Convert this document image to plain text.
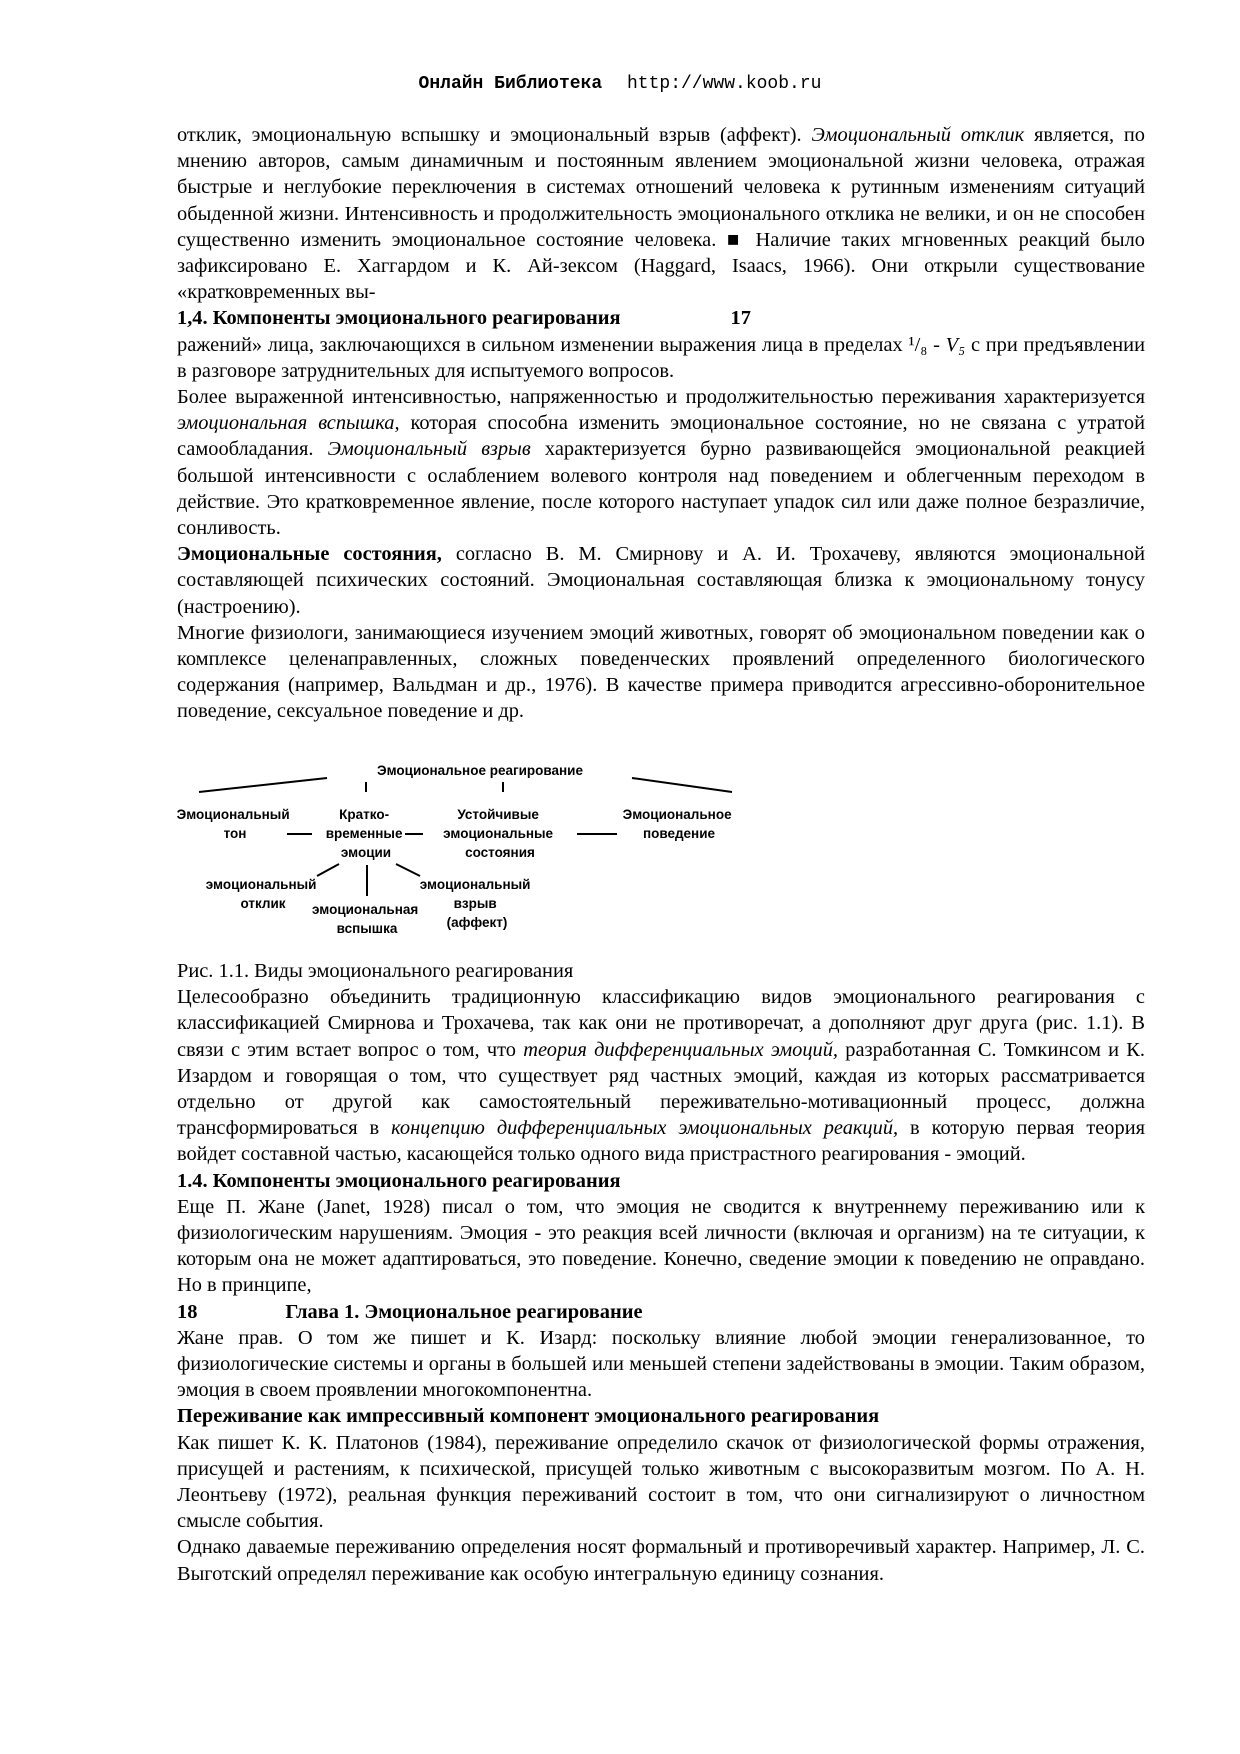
Онлайн Библиотека http://www.koob.ru

отклик, эмоциональную вспышку и эмоциональный взрыв (аффект). Эмоциональный отклик является, по мнению авторов, самым динамичным и постоянным явлением эмоциональной жизни человека, отражая быстрые и неглубокие переключения в системах отношений человека к рутинным изменениям ситуаций обыденной жизни. Интенсивность и продолжительность эмоционального отклика не велики, и он не способен существенно изменить эмоциональное состояние человека. ■ Наличие таких мгновенных реакций было зафиксировано Е. Хаггардом и К. Ай-зексом (Haggard, Isaacs, 1966). Они открыли существование «кратковременных вы-

1,4. Компоненты эмоционального реагирования	17

ражений» лица, заключающихся в сильном изменении выражения лица в пределах ¹/₈ - V₅ с при предъявлении в разговоре затруднительных для испытуемого вопросов.

Более выраженной интенсивностью, напряженностью и продолжительностью переживания характеризуется эмоциональная вспышка, которая способна изменить эмоциональное состояние, но не связана с утратой самообладания. Эмоциональный взрыв характеризуется бурно развивающейся эмоциональной реакцией большой интенсивности с ослаблением волевого контроля над поведением и облегченным переходом в действие. Это кратковременное явление, после которого наступает упадок сил или даже полное безразличие, сонливость.

Эмоциональные состояния, согласно В. М. Смирнову и А. И. Трохачеву, являются эмоциональной составляющей психических состояний. Эмоциональная составляющая близка к эмоциональному тонусу (настроению).

Многие физиологи, занимающиеся изучением эмоций животных, говорят об эмоциональном поведении как о комплексе целенаправленных, сложных поведенческих проявлений определенного биологического содержания (например, Вальдман и др., 1976). В качестве примера приводится агрессивно-оборонительное поведение, сексуальное поведение и др.

Эмоциональное реагирование
Эмоциональный тон
Кратко- временные эмоции
Устойчивые эмоциональные состояния
Эмоциональное поведение
эмоциональный отклик	эмоциональная вспышка
эмоциональный взрыв (аффект)

Рис. 1.1. Виды эмоционального реагирования

Целесообразно объединить традиционную классификацию видов эмоционального реагирования с классификацией Смирнова и Трохачева, так как они не противоречат, а дополняют друг друга (рис. 1.1). В связи с этим встает вопрос о том, что теория дифференциальных эмоций, разработанная С. Томкинсом и К. Изардом и говорящая о том, что существует ряд частных эмоций, каждая из которых рассматривается отдельно от другой как самостоятельный переживательно-мотивационный процесс, должна трансформироваться в концепцию дифференциальных эмоциональных реакций, в которую первая теория войдет составной частью, касающейся только одного вида пристрастного реагирования - эмоций.

1.4. Компоненты эмоционального реагирования

Еще П. Жане (Janet, 1928) писал о том, что эмоция не сводится к внутреннему переживанию или к физиологическим нарушениям. Эмоция - это реакция всей личности (включая и организм) на те ситуации, к которым она не может адаптироваться, это поведение. Конечно, сведение эмоции к поведению не оправдано. Но в принципе,

18	Глава 1. Эмоциональное реагирование

Жане прав. О том же пишет и К. Изард: поскольку влияние любой эмоции генерализованное, то физиологические системы и органы в большей или меньшей степени задействованы в эмоции. Таким образом, эмоция в своем проявлении многокомпонентна.

Переживание как импрессивный компонент эмоционального реагирования

Как пишет К. К. Платонов (1984), переживание определило скачок от физиологической формы отражения, присущей и растениям, к психической, присущей только животным с высокоразвитым мозгом. По А. Н. Леонтьеву (1972), реальная функция переживаний состоит в том, что они сигнализируют о личностном смысле события.

Однако даваемые переживанию определения носят формальный и противоречивый характер. Например, Л. С. Выготский определял переживание как особую интегральную единицу сознания.
